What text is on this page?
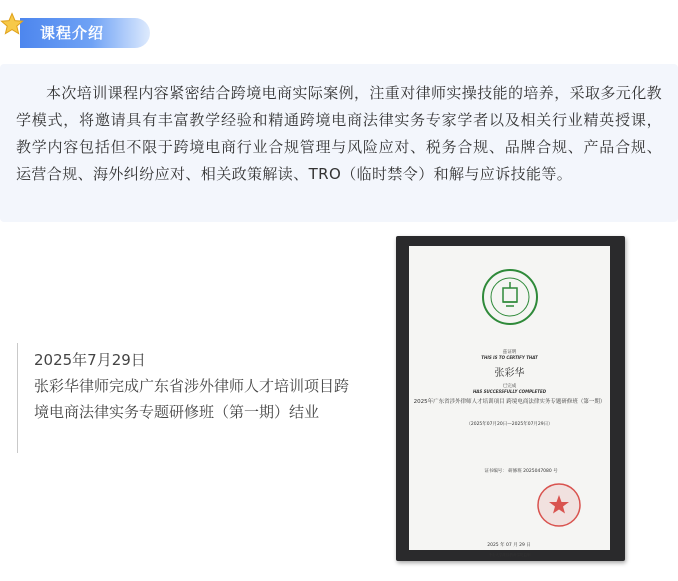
课程介绍

本次培训课程内容紧密结合跨境电商实际案例，注重对律师实操技能的培养，采取多元化教学模式，将邀请具有丰富教学经验和精通跨境电商法律实务专家学者以及相关行业精英授课，教学内容包括但不限于跨境电商行业合规管理与风险应对、税务合规、品牌合规、产品合规、运营合规、海外纠纷应对、相关政策解读、TRO（临时禁令）和解与应诉技能等。

2025年7月29日
张彩华律师完成广东省涉外律师人才培训项目跨境电商法律实务专题研修班（第一期）结业
兹证明
THIS IS TO CERTIFY THAT
张彩华
已完成
HAS SUCCESSFULLY COMPLETED
2025年广东省涉外律师人才培训项目 跨境电商法律实务专题研修班（第一期）
（2025年07月20日—2025年07月29日）
证书编号： 研修班 2025047080 号
2025 年 07 月 29 日
中山大学继续教育学院监制
